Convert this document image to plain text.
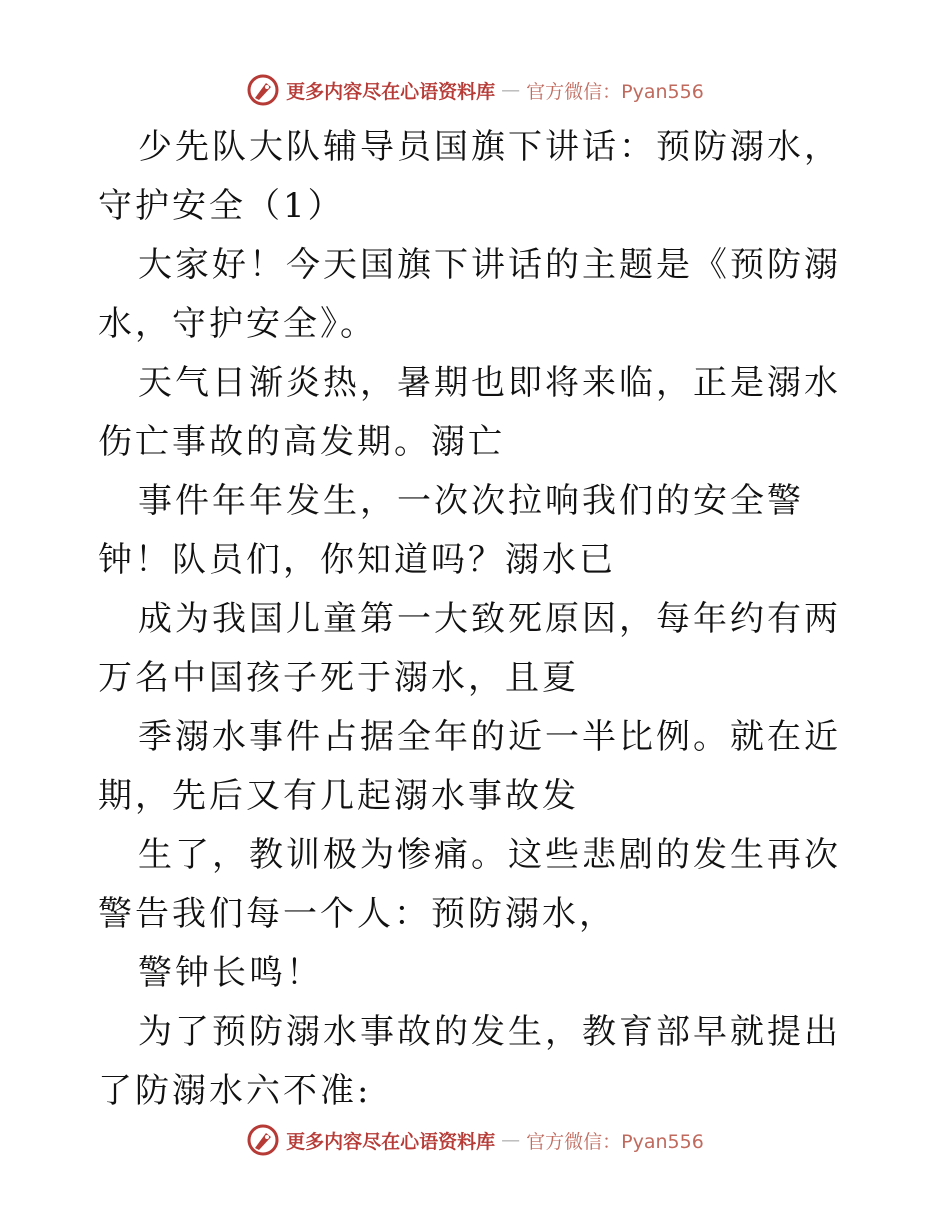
更多内容尽在心语资料库 — 官方微信：Pyan556

少先队大队辅导员国旗下讲话：预防溺水，守护安全（1）

大家好！今天国旗下讲话的主题是《预防溺水，守护安全》。

天气日渐炎热，暑期也即将来临，正是溺水伤亡事故的高发期。溺亡

事件年年发生，一次次拉响我们的安全警钟！队员们，你知道吗？溺水已

成为我国儿童第一大致死原因，每年约有两万名中国孩子死于溺水，且夏

季溺水事件占据全年的近一半比例。就在近期，先后又有几起溺水事故发

生了，教训极为惨痛。这些悲剧的发生再次警告我们每一个人：预防溺水，

警钟长鸣！

为了预防溺水事故的发生，教育部早就提出了防溺水六不准:

更多内容尽在心语资料库 — 官方微信：Pyan556
